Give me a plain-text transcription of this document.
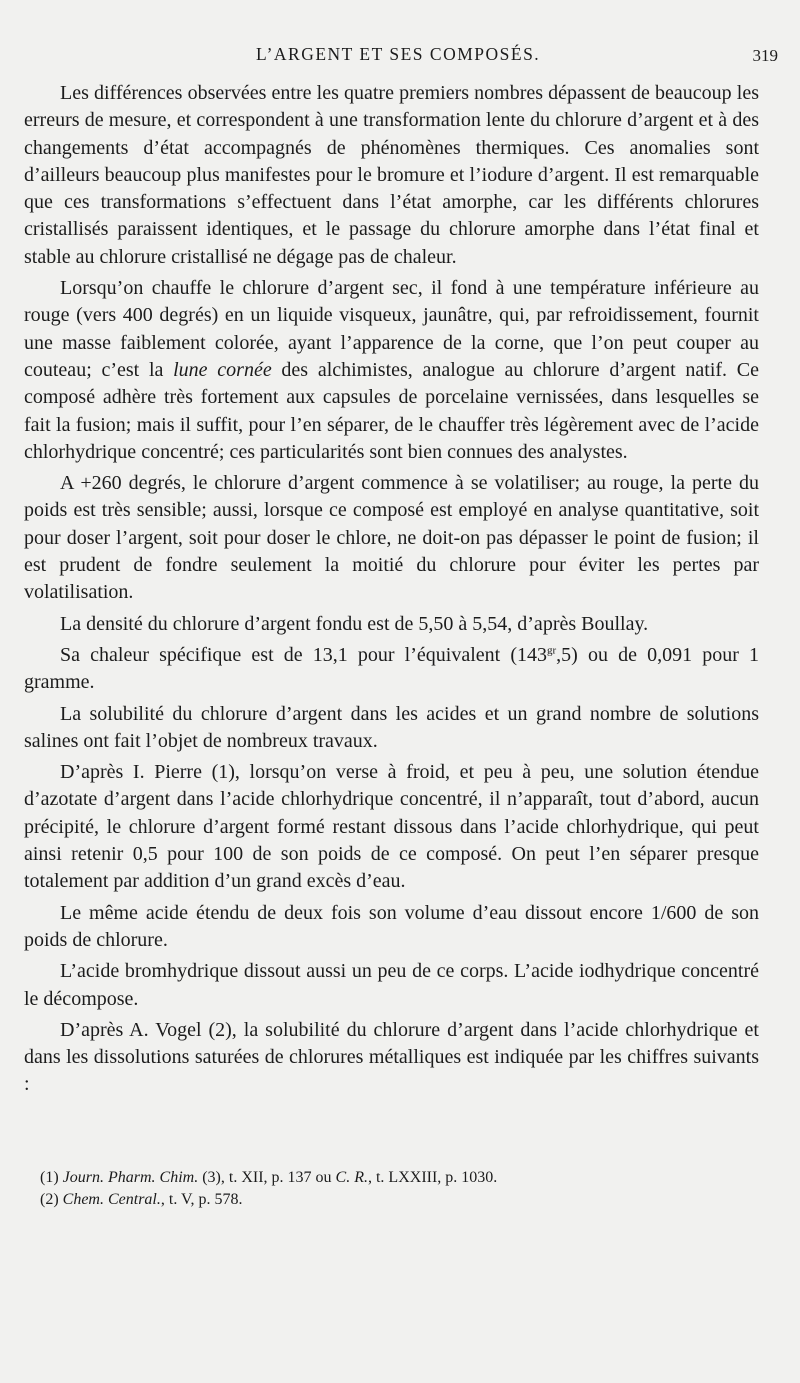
L’ARGENT ET SES COMPOSÉS.	319

Les différences observées entre les quatre premiers nombres dépassent de beaucoup les erreurs de mesure, et correspondent à une transformation lente du chlorure d’argent et à des changements d’état accompagnés de phénomènes thermiques. Ces anomalies sont d’ailleurs beaucoup plus manifestes pour le bromure et l’iodure d’argent. Il est remarquable que ces transformations s’effectuent dans l’état amorphe, car les différents chlorures cristallisés paraissent identiques, et le passage du chlorure amorphe dans l’état final et stable au chlorure cristallisé ne dégage pas de chaleur.

Lorsqu’on chauffe le chlorure d’argent sec, il fond à une température inférieure au rouge (vers 400 degrés) en un liquide visqueux, jaunâtre, qui, par refroidissement, fournit une masse faiblement colorée, ayant l’apparence de la corne, que l’on peut couper au couteau; c’est la lune cornée des alchimistes, analogue au chlorure d’argent natif. Ce composé adhère très fortement aux capsules de porcelaine vernissées, dans lesquelles se fait la fusion; mais il suffit, pour l’en séparer, de le chauffer très légèrement avec de l’acide chlorhydrique concentré; ces particularités sont bien connues des analystes.

A +260 degrés, le chlorure d’argent commence à se volatiliser; au rouge, la perte du poids est très sensible; aussi, lorsque ce composé est employé en analyse quantitative, soit pour doser l’argent, soit pour doser le chlore, ne doit-on pas dépasser le point de fusion; il est prudent de fondre seulement la moitié du chlorure pour éviter les pertes par volatilisation.

La densité du chlorure d’argent fondu est de 5,50 à 5,54, d’après Boullay.

Sa chaleur spécifique est de 13,1 pour l’équivalent $(143^{gr},5)$ ou de 0,091 pour 1 gramme.

La solubilité du chlorure d’argent dans les acides et un grand nombre de solutions salines ont fait l’objet de nombreux travaux.

D’après I. Pierre (1), lorsqu’on verse à froid, et peu à peu, une solution étendue d’azotate d’argent dans l’acide chlorhydrique concentré, il n’apparaît, tout d’abord, aucun précipité, le chlorure d’argent formé restant dissous dans l’acide chlorhydrique, qui peut ainsi retenir 0,5 pour 100 de son poids de ce composé. On peut l’en séparer presque totalement par addition d’un grand excès d’eau.

Le même acide étendu de deux fois son volume d’eau dissout encore 1/600 de son poids de chlorure.

L’acide bromhydrique dissout aussi un peu de ce corps. L’acide iodhydrique concentré le décompose.

D’après A. Vogel (2), la solubilité du chlorure d’argent dans l’acide chlorhydrique et dans les dissolutions saturées de chlorures métalliques est indiquée par les chiffres suivants :

(1) Journ. Pharm. Chim. (3), t. XII, p. 137 ou C. R., t. LXXIII, p. 1030.

(2) Chem. Central., t. V, p. 578.
